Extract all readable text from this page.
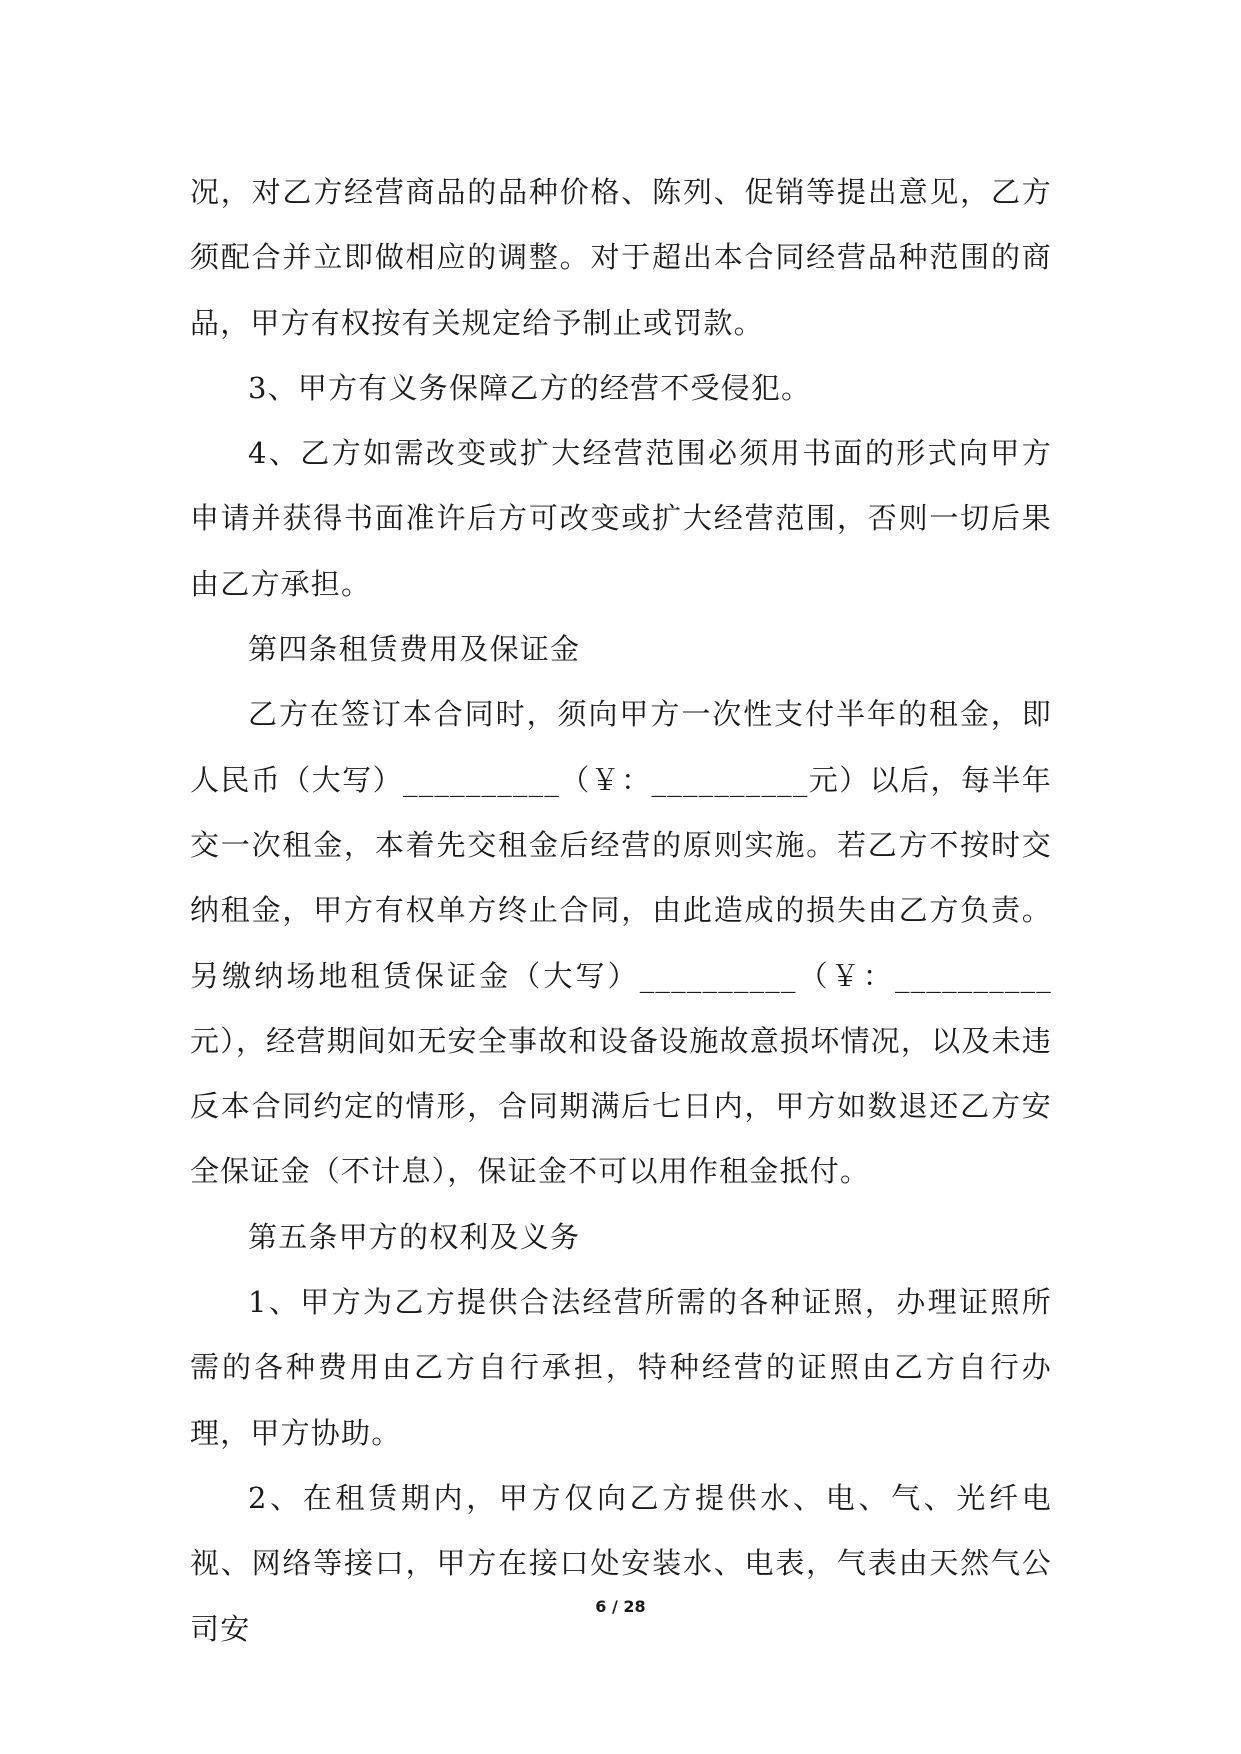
况，对乙方经营商品的品种价格、陈列、促销等提出意见，乙方须配合并立即做相应的调整。对于超出本合同经营品种范围的商品，甲方有权按有关规定给予制止或罚款。

3、甲方有义务保障乙方的经营不受侵犯。

4、乙方如需改变或扩大经营范围必须用书面的形式向甲方申请并获得书面准许后方可改变或扩大经营范围，否则一切后果由乙方承担。

第四条租赁费用及保证金

乙方在签订本合同时，须向甲方一次性支付半年的租金，即人民币（大写）__________（￥：__________元）以后，每半年交一次租金，本着先交租金后经营的原则实施。若乙方不按时交纳租金，甲方有权单方终止合同，由此造成的损失由乙方负责。另缴纳场地租赁保证金（大写）__________（￥：__________元），经营期间如无安全事故和设备设施故意损坏情况，以及未违反本合同约定的情形，合同期满后七日内，甲方如数退还乙方安全保证金（不计息），保证金不可以用作租金抵付。

第五条甲方的权利及义务

1、甲方为乙方提供合法经营所需的各种证照，办理证照所需的各种费用由乙方自行承担，特种经营的证照由乙方自行办理，甲方协助。

2、在租赁期内，甲方仅向乙方提供水、电、气、光纤电视、网络等接口，甲方在接口处安装水、电表，气表由天然气公司安

6 / 28
